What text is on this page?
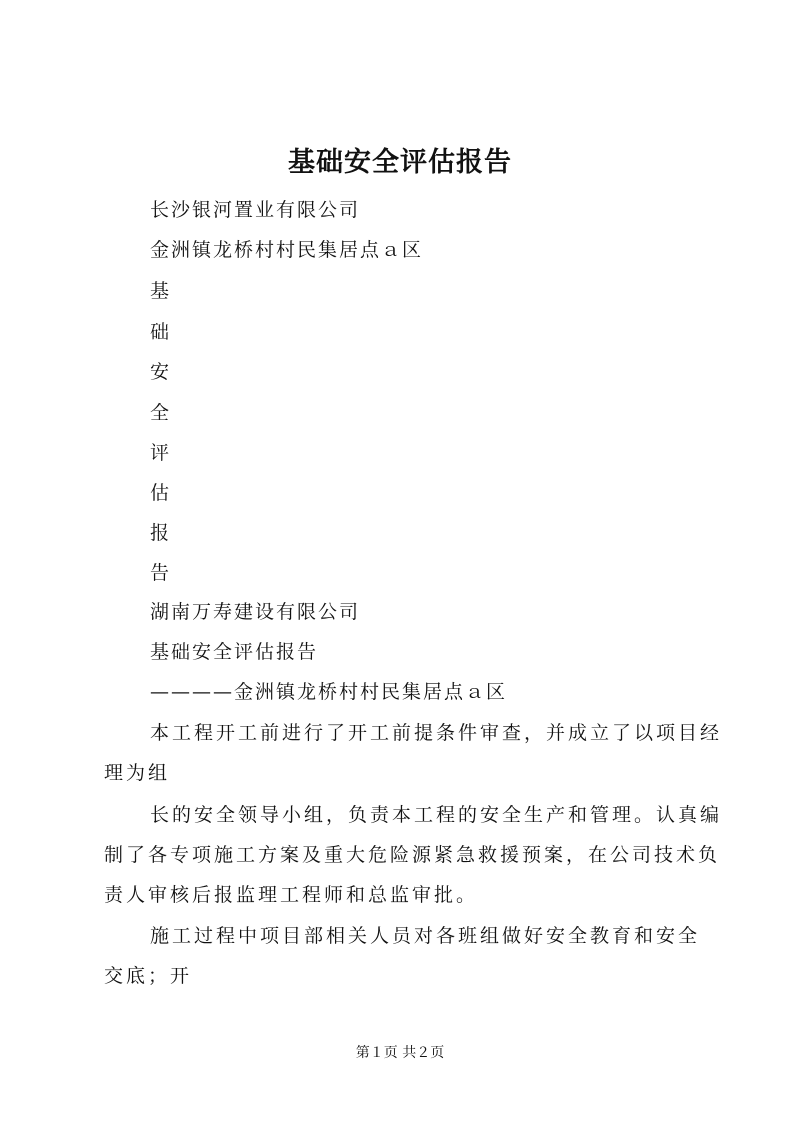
基础安全评估报告

长沙银河置业有限公司

金洲镇龙桥村村民集居点ａ区

基

础

安

全

评

估

报

告

湖南万寿建设有限公司

基础安全评估报告

————金洲镇龙桥村村民集居点ａ区

本工程开工前进行了开工前提条件审查，并成立了以项目经

理为组

长的安全领导小组，负责本工程的安全生产和管理。认真编

制了各专项施工方案及重大危险源紧急救援预案，在公司技术负

责人审核后报监理工程师和总监审批。

施工过程中项目部相关人员对各班组做好安全教育和安全

交底；开

第１页 共２页
